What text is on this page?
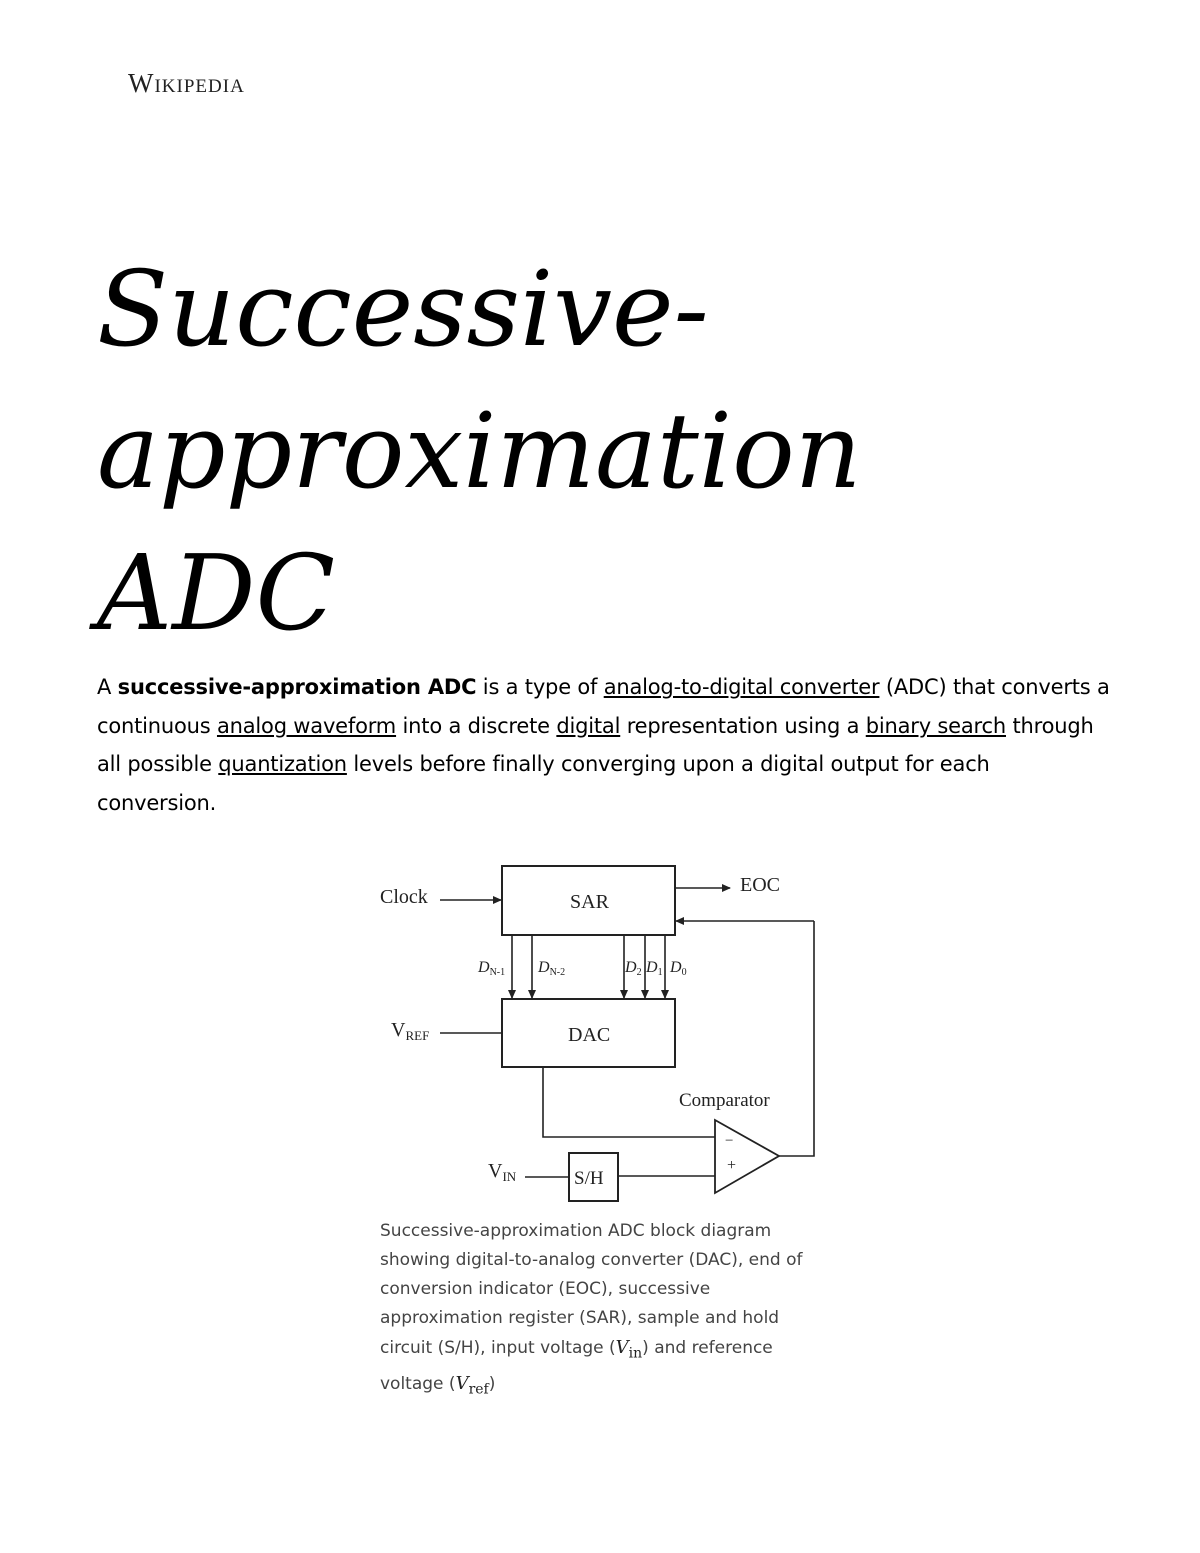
Wikipedia
Successive-approximation ADC

A successive-approximation ADC is a type of analog-to-digital converter (ADC) that converts a continuous analog waveform into a discrete digital representation using a binary search through all possible quantization levels before finally converging upon a digital output for each conversion.

Clock	SAR
EOC
DAC
Comparator
S/H
−
+
$V_{REF}$
$V_{IN}$
DN-1 DN-2	D2 D1 D0

Successive-approximation ADC block diagram showing digital-to-analog converter (DAC), end of conversion indicator (EOC), successive approximation register (SAR), sample and hold circuit (S/H), input voltage $(V_{in})$ and reference voltage $(V_{ref})$
